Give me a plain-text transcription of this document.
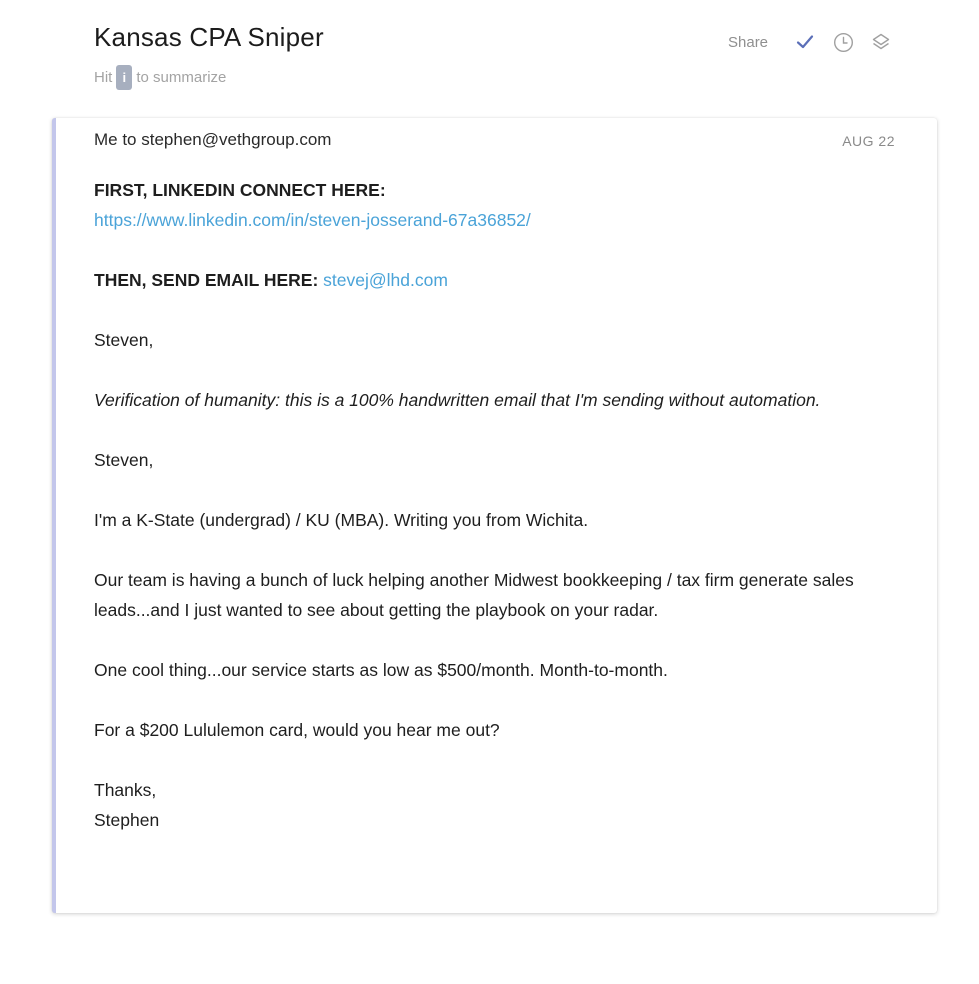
Kansas CPA Sniper
Hit i to summarize
Share
Me to stephen@vethgroup.com	AUG 22

FIRST, LINKEDIN CONNECT HERE:
https://www.linkedin.com/in/steven-josserand-67a36852/

THEN, SEND EMAIL HERE: stevej@lhd.com

Steven,

Verification of humanity: this is a 100% handwritten email that I'm sending without automation.

Steven,

I'm a K-State (undergrad) / KU (MBA). Writing you from Wichita.

Our team is having a bunch of luck helping another Midwest bookkeeping / tax firm generate sales leads...and I just wanted to see about getting the playbook on your radar.

One cool thing...our service starts as low as $500/month. Month-to-month.

For a $200 Lululemon card, would you hear me out?

Thanks,
Stephen
